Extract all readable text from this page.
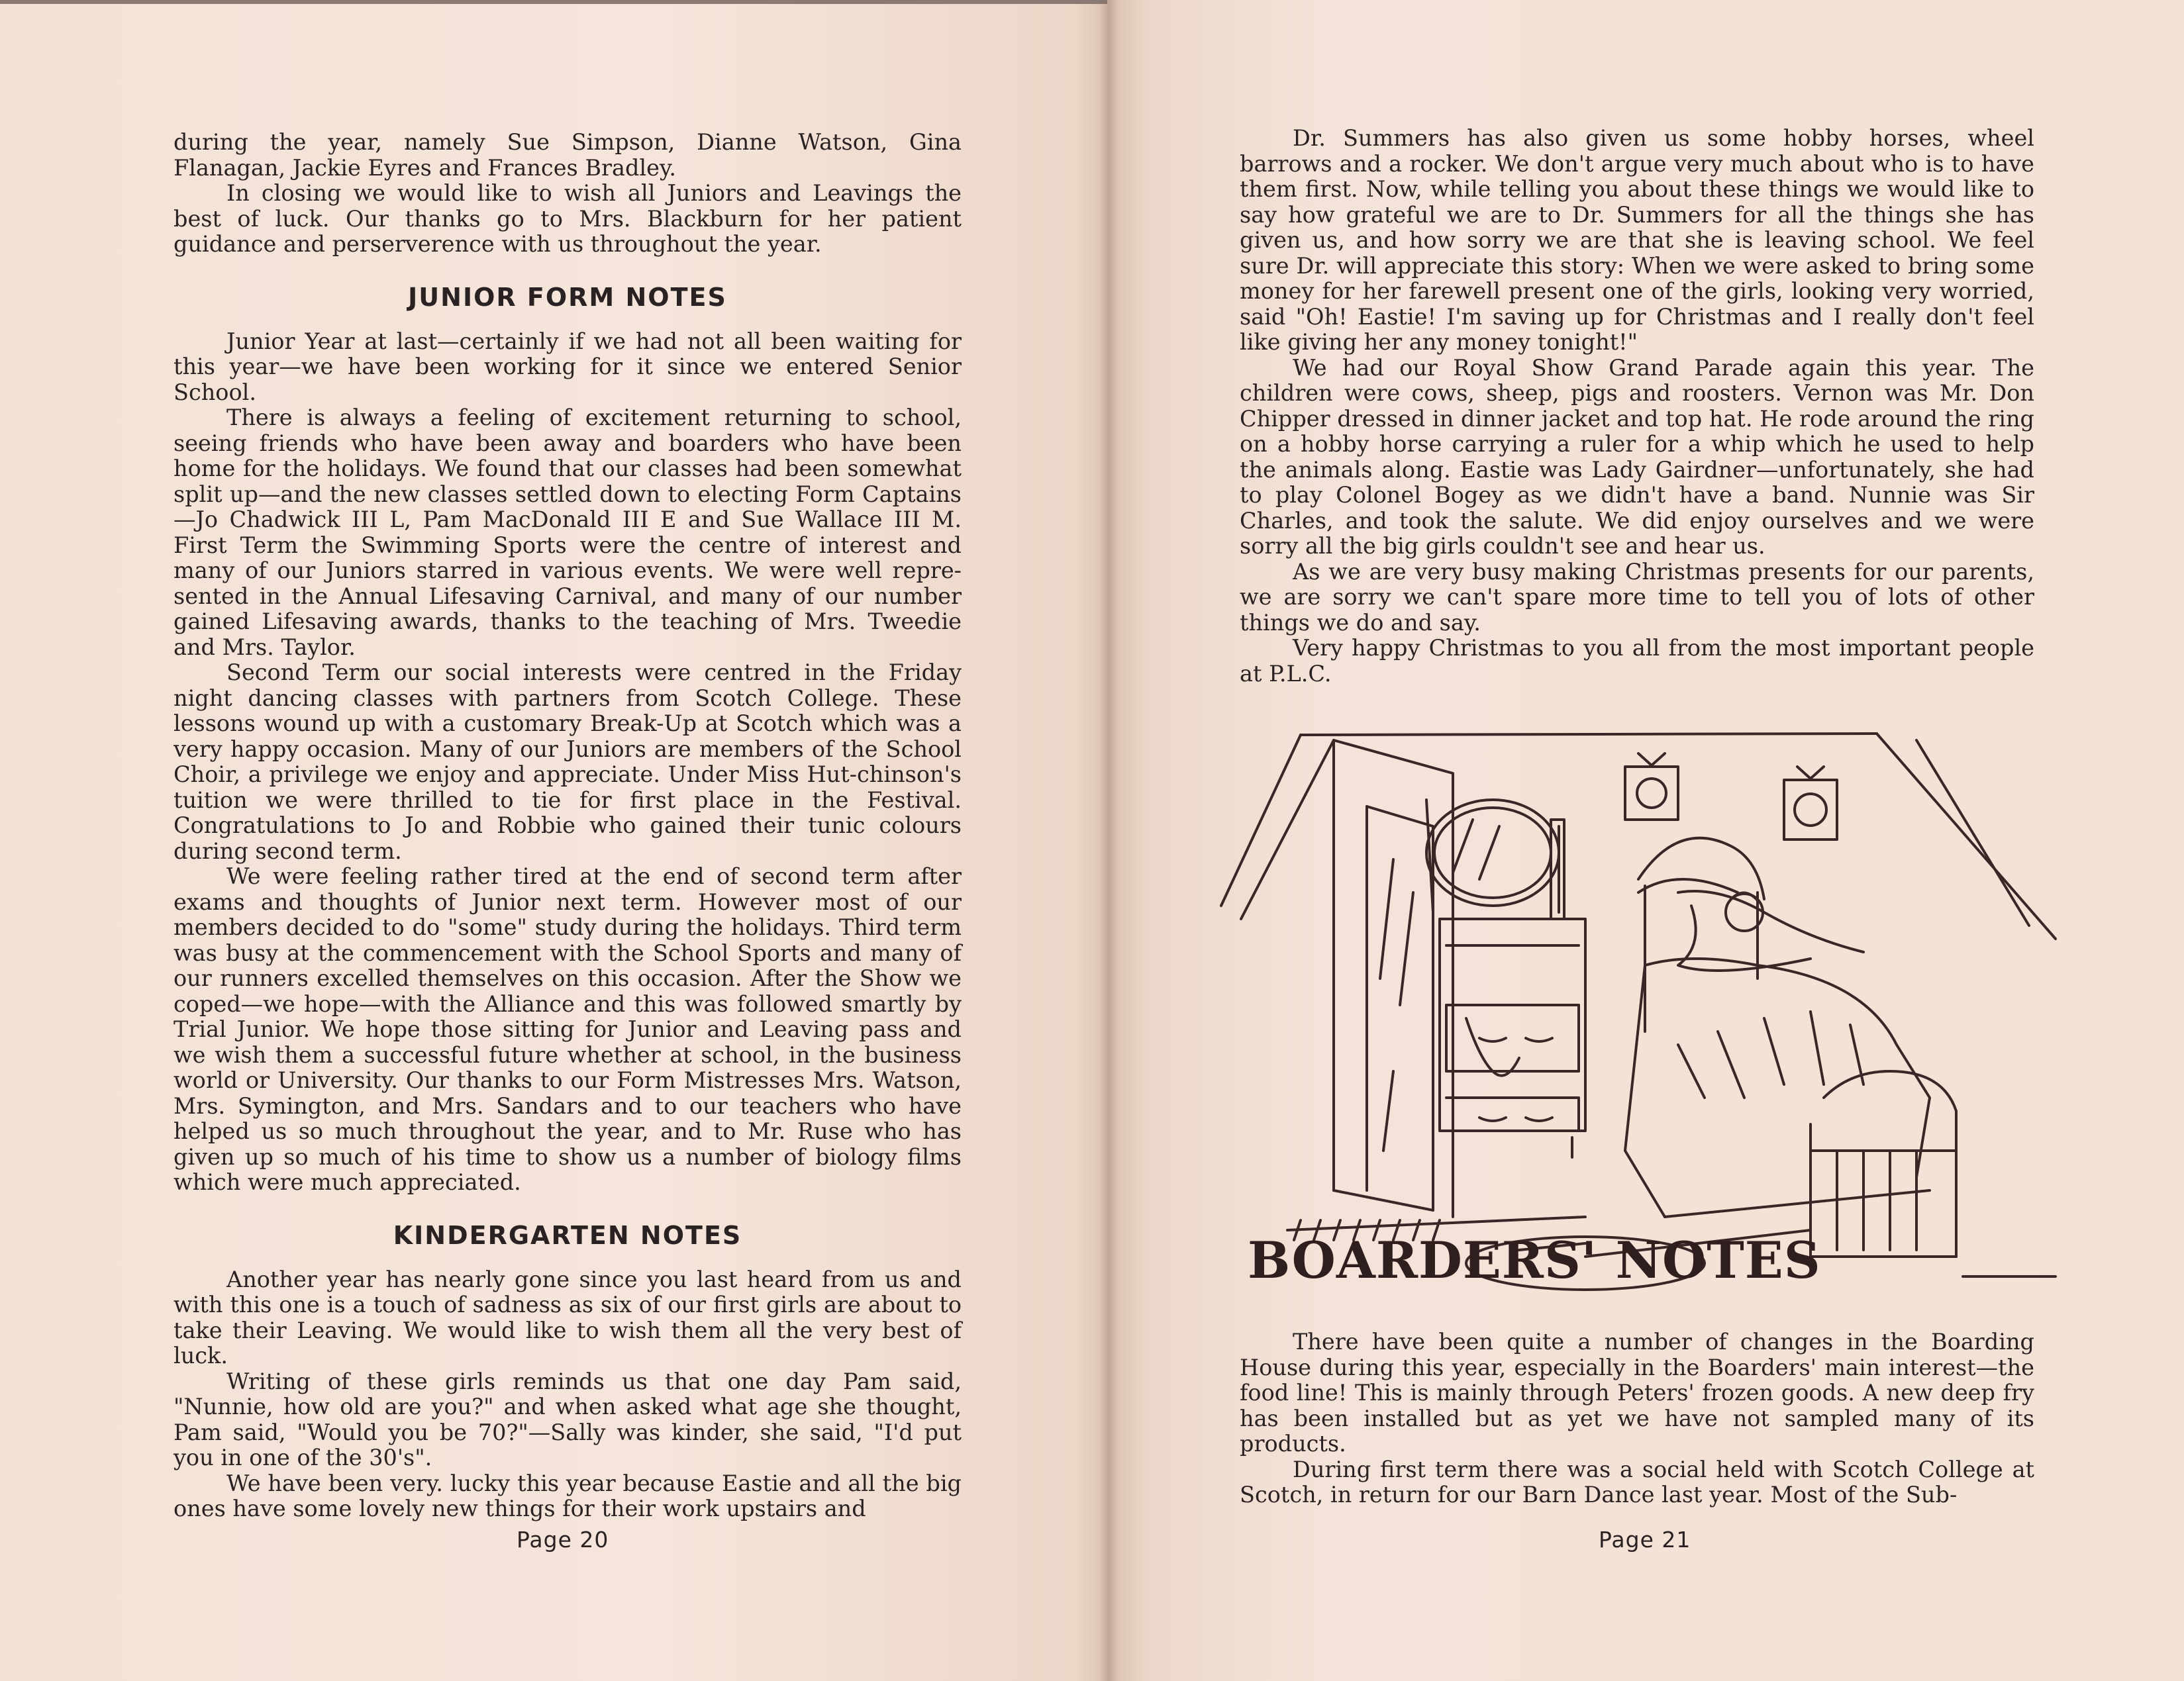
during the year, namely Sue Simpson, Dianne Watson, Gina Flanagan, Jackie Eyres and Frances Bradley.

In closing we would like to wish all Juniors and Leavings the best of luck. Our thanks go to Mrs. Blackburn for her patient guidance and perserverence with us throughout the year.

JUNIOR FORM NOTES

Junior Year at last—certainly if we had not all been waiting for this year—we have been working for it since we entered Senior School.

There is always a feeling of excitement returning to school, seeing friends who have been away and boarders who have been home for the holidays. We found that our classes had been somewhat split up—and the new classes settled down to electing Form Captains —Jo Chadwick III L, Pam MacDonald III E and Sue Wallace III M. First Term the Swimming Sports were the centre of interest and many of our Juniors starred in various events. We were well repre-sented in the Annual Lifesaving Carnival, and many of our number gained Lifesaving awards, thanks to the teaching of Mrs. Tweedie and Mrs. Taylor.

Second Term our social interests were centred in the Friday night dancing classes with partners from Scotch College. These lessons wound up with a customary Break-Up at Scotch which was a very happy occasion. Many of our Juniors are members of the School Choir, a privilege we enjoy and appreciate. Under Miss Hut-chinson's tuition we were thrilled to tie for first place in the Festival. Congratulations to Jo and Robbie who gained their tunic colours during second term.

We were feeling rather tired at the end of second term after exams and thoughts of Junior next term. However most of our members decided to do "some" study during the holidays. Third term was busy at the commencement with the School Sports and many of our runners excelled themselves on this occasion. After the Show we coped—we hope—with the Alliance and this was followed smartly by Trial Junior. We hope those sitting for Junior and Leaving pass and we wish them a successful future whether at school, in the business world or University. Our thanks to our Form Mistresses Mrs. Watson, Mrs. Symington, and Mrs. Sandars and to our teachers who have helped us so much throughout the year, and to Mr. Ruse who has given up so much of his time to show us a number of biology films which were much appreciated.

KINDERGARTEN NOTES

Another year has nearly gone since you last heard from us and with this one is a touch of sadness as six of our first girls are about to take their Leaving. We would like to wish them all the very best of luck.

Writing of these girls reminds us that one day Pam said, "Nunnie, how old are you?" and when asked what age she thought, Pam said, "Would you be 70?"—Sally was kinder, she said, "I'd put you in one of the 30's".

We have been very. lucky this year because Eastie and all the big ones have some lovely new things for their work upstairs and

Page 20

Dr. Summers has also given us some hobby horses, wheel barrows and a rocker. We don't argue very much about who is to have them first. Now, while telling you about these things we would like to say how grateful we are to Dr. Summers for all the things she has given us, and how sorry we are that she is leaving school. We feel sure Dr. will appreciate this story: When we were asked to bring some money for her farewell present one of the girls, looking very worried, said "Oh! Eastie! I'm saving up for Christmas and I really don't feel like giving her any money tonight!"

We had our Royal Show Grand Parade again this year. The children were cows, sheep, pigs and roosters. Vernon was Mr. Don Chipper dressed in dinner jacket and top hat. He rode around the ring on a hobby horse carrying a ruler for a whip which he used to help the animals along. Eastie was Lady Gairdner—unfortunately, she had to play Colonel Bogey as we didn't have a band. Nunnie was Sir Charles, and took the salute. We did enjoy ourselves and we were sorry all the big girls couldn't see and hear us.

As we are very busy making Christmas presents for our parents, we are sorry we can't spare more time to tell you of lots of other things we do and say.

Very happy Christmas to you all from the most important people at P.L.C.

There have been quite a number of changes in the Boarding House during this year, especially in the Boarders' main interest—the food line! This is mainly through Peters' frozen goods. A new deep fry has been installed but as yet we have not sampled many of its products.

During first term there was a social held with Scotch College at Scotch, in return for our Barn Dance last year. Most of the Sub-

BOARDERS' NOTES
Page 21
